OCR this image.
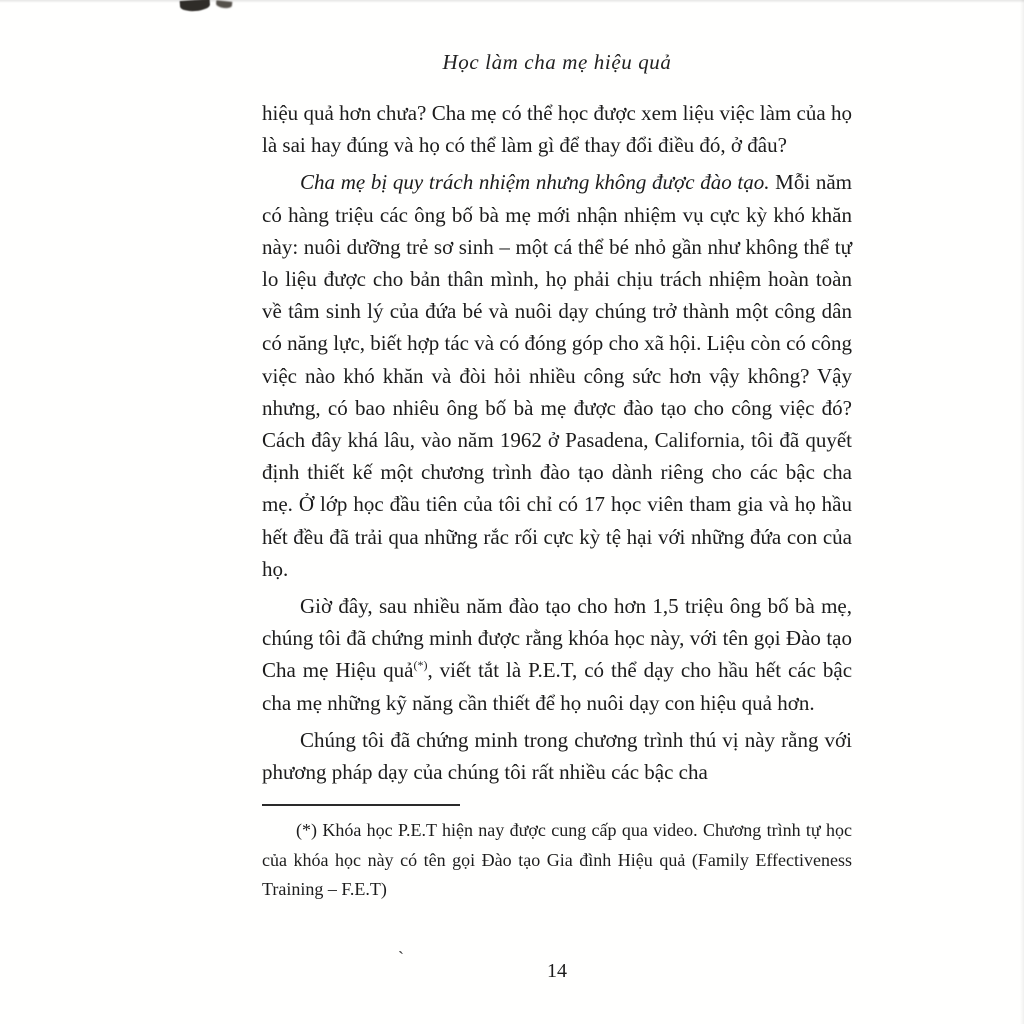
Học làm cha mẹ hiệu quả

hiệu quả hơn chưa? Cha mẹ có thể học được xem liệu việc làm của họ là sai hay đúng và họ có thể làm gì để thay đổi điều đó, ở đâu?

Cha mẹ bị quy trách nhiệm nhưng không được đào tạo. Mỗi năm có hàng triệu các ông bố bà mẹ mới nhận nhiệm vụ cực kỳ khó khăn này: nuôi dưỡng trẻ sơ sinh – một cá thể bé nhỏ gần như không thể tự lo liệu được cho bản thân mình, họ phải chịu trách nhiệm hoàn toàn về tâm sinh lý của đứa bé và nuôi dạy chúng trở thành một công dân có năng lực, biết hợp tác và có đóng góp cho xã hội. Liệu còn có công việc nào khó khăn và đòi hỏi nhiều công sức hơn vậy không? Vậy nhưng, có bao nhiêu ông bố bà mẹ được đào tạo cho công việc đó? Cách đây khá lâu, vào năm 1962 ở Pasadena, California, tôi đã quyết định thiết kế một chương trình đào tạo dành riêng cho các bậc cha mẹ. Ở lớp học đầu tiên của tôi chỉ có 17 học viên tham gia và họ hầu hết đều đã trải qua những rắc rối cực kỳ tệ hại với những đứa con của họ.

Giờ đây, sau nhiều năm đào tạo cho hơn 1,5 triệu ông bố bà mẹ, chúng tôi đã chứng minh được rằng khóa học này, với tên gọi Đào tạo Cha mẹ Hiệu quả(*), viết tắt là P.E.T, có thể dạy cho hầu hết các bậc cha mẹ những kỹ năng cần thiết để họ nuôi dạy con hiệu quả hơn.

Chúng tôi đã chứng minh trong chương trình thú vị này rằng với phương pháp dạy của chúng tôi rất nhiều các bậc cha

(*) Khóa học P.E.T hiện nay được cung cấp qua video. Chương trình tự học của khóa học này có tên gọi Đào tạo Gia đình Hiệu quả (Family Effectiveness Training – F.E.T)

`
14
